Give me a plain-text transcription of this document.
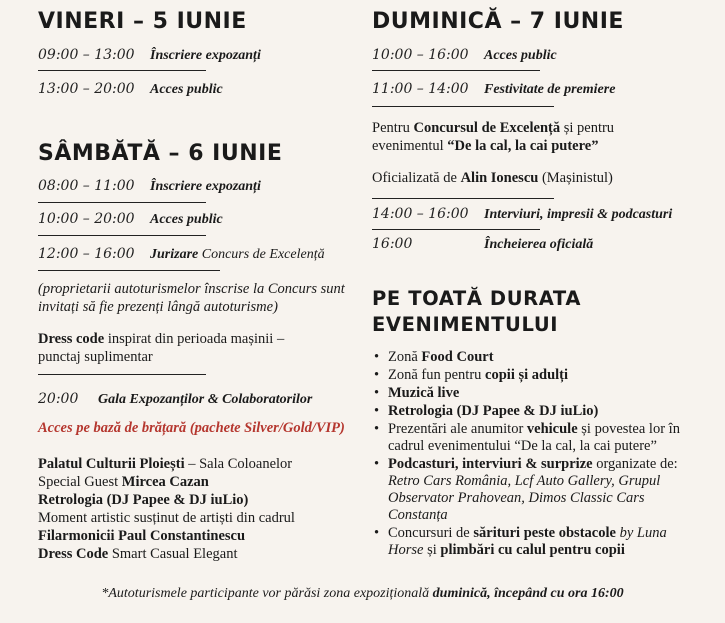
VINERI – 5 IUNIE
09:00 – 13:00	Înscriere expozanți
13:00 – 20:00	Acces public
SÂMBĂTĂ – 6 IUNIE
08:00 – 11:00	Înscriere expozanți
10:00 – 20:00	Acces public
12:00 – 16:00	Jurizare Concurs de Excelență
(proprietarii autoturismelor înscrise la Concurs sunt invitați să fie prezenți lângă autoturisme)
Dress code inspirat din perioada mașinii – punctaj suplimentar
20:00	Gala Expozanților & Colaboratorilor
Acces pe bază de brățară (pachete Silver/Gold/VIP)
Palatul Culturii Ploiești – Sala Coloanelor
Special Guest Mircea Cazan
Retrologia (DJ Papee & DJ iuLio)
Moment artistic susținut de artiști din cadrul
Filarmonicii Paul Constantinescu
Dress Code Smart Casual Elegant
DUMINICĂ – 7 IUNIE
10:00 – 16:00	Acces public
11:00 – 14:00	Festivitate de premiere
Pentru Concursul de Excelență și pentru evenimentul “De la cal, la cai putere”
Oficializată de Alin Ionescu (Mașinistul)
14:00 – 16:00	Interviuri, impresii & podcasturi
16:00	Încheierea oficială
PE TOATĂ DURATA
EVENIMENTULUI
• Zonă Food Court
• Zonă fun pentru copii și adulți
• Muzică live
• Retrologia (DJ Papee & DJ iuLio)
• Prezentări ale anumitor vehicule și povestea lor în cadrul evenimentului “De la cal, la cai putere”
• Podcasturi, interviuri & surprize organizate de: Retro Cars România, Lcf Auto Gallery, Grupul Observator Prahovean, Dimos Classic Cars Constanța
• Concursuri de sărituri peste obstacole by Luna Horse și plimbări cu calul pentru copii
*Autoturismele participante vor părăsi zona expozițională duminică, începând cu ora 16:00
